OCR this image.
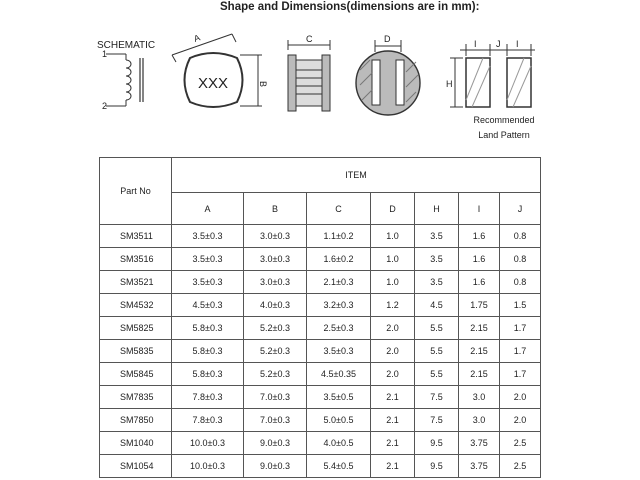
Shape and Dimensions(dimensions are in mm):
SCHEMATIC
1
2
A
B
XXX
C	D	I J I
H
Recommended
Land Pattern
Part No	ITEM						
	A	B	C	D	H	I	J
SM3511	3.5±0.3	3.0±0.3	1.1±0.2	1.0	3.5	1.6	0.8
SM3516	3.5±0.3	3.0±0.3	1.6±0.2	1.0	3.5	1.6	0.8
SM3521	3.5±0.3	3.0±0.3	2.1±0.3	1.0	3.5	1.6	0.8
SM4532	4.5±0.3	4.0±0.3	3.2±0.3	1.2	4.5	1.75	1.5
SM5825	5.8±0.3	5.2±0.3	2.5±0.3	2.0	5.5	2.15	1.7
SM5835	5.8±0.3	5.2±0.3	3.5±0.3	2.0	5.5	2.15	1.7
SM5845	5.8±0.3	5.2±0.3	4.5±0.35	2.0	5.5	2.15	1.7
SM7835	7.8±0.3	7.0±0.3	3.5±0.5	2.1	7.5	3.0	2.0
SM7850	7.8±0.3	7.0±0.3	5.0±0.5	2.1	7.5	3.0	2.0
SM1040	10.0±0.3	9.0±0.3	4.0±0.5	2.1	9.5	3.75	2.5
SM1054	10.0±0.3	9.0±0.3	5.4±0.5	2.1	9.5	3.75	2.5
